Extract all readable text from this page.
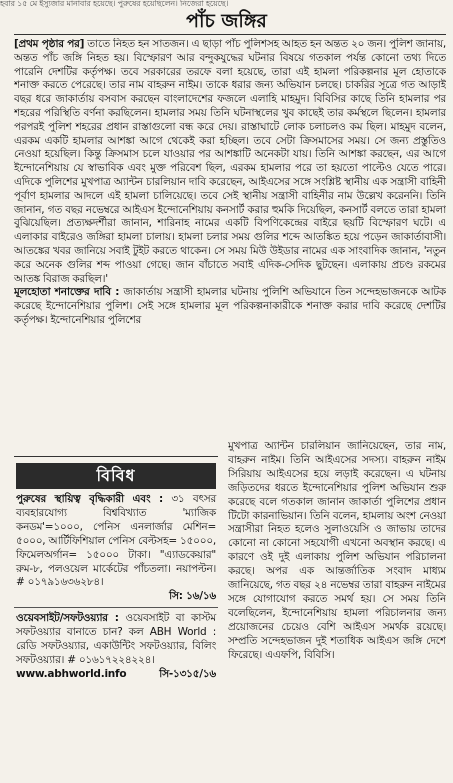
হবার ১৫ মে ইস্যুজার মানাবার হয়েছে। পুরুষের হয়েছিলেন। নিজেরা হয়েছে।
পাঁচ জঙ্গির

[প্রথম পৃষ্ঠার পর] তাতে নিহত হন সাতজন। এ ছাড়া পাঁচ পুলিশসহ আহত হন অন্তত ২০ জন। পুলিশ জানায়, অন্তত পাঁচ জঙ্গি নিহত হয়। বিস্ফোরণ আর বন্দুকযুদ্ধের ঘটনার বিষয়ে গতকাল পর্যন্ত কোনো তথ্য দিতে পারেনি দেশটির কর্তৃপক্ষ। তবে সরকারের তরফে বলা হয়েছে, তারা এই হামলা পরিকল্পনার মূল হোতাকে শনাক্ত করতে পেরেছে। তার নাম বাহরুন নাইম। তাকে ধরার জন্য অভিযান চলছে। চাকরির সূত্রে গত আড়াই বছর ধরে জাকার্তায় বসবাস করছেন বাংলাদেশের ফজলে এলাহি মাহমুদ। বিবিসির কাছে তিনি হামলার পর শহরের পরিস্থিতি বর্ণনা করছিলেন। হামলার সময় তিনি ঘটনাস্থলের খুব কাছেই তার কর্মস্থলে ছিলেন। হামলার পরপরই পুলিশ শহরের প্রধান রাস্তাগুলো বন্ধ করে দেয়। রাস্তাঘাটে লোক চলাচলও কম ছিল। মাহমুদ বলেন, এরকম একটি হামলার আশঙ্কা আগে থেকেই করা হচ্ছিল। তবে সেটা ক্রিসমাসের সময়। সে জন্য প্রস্তুতিও নেওয়া হয়েছিল। কিন্তু ক্রিসমাস চলে যাওয়ার পর আশঙ্কাটি অনেকটা যায়। তিনি আশঙ্কা করছেন, এর আগে ইন্দোনেশিয়ায় যে স্বাভাবিক এবং মুক্ত পরিবেশ ছিল, এরকম হামলার পরে তা হয়তো পাল্টেও যেতে পারে। এদিকে পুলিশের মুখপাত্র অ্যান্টন চারলিয়ান দাবি করেছেন, আইএসের সঙ্গে সংশ্লিষ্ট স্থানীয় এক সন্ত্রাসী বাহিনী পূর্বাণ হামলার আদলে এই হামলা চালিয়েছে। তবে সেই স্থানীয় সন্ত্রাসী বাহিনীর নাম উল্লেখ করেননি। তিনি জানান, গত বছর নভেম্বরে আইএস ইন্দোনেশিয়ায় কনসার্ট করার হুমকি দিয়েছিল, কনসার্ট বলতে তারা হামলা বুঝিয়েছিল। প্রত্যক্ষদর্শীরা জানান, শারিনাহ নামের একটি বিপণিকেন্দ্রের বাইরে ছয়টি বিস্ফোরণ ঘটে। এ এলাকার বাইরেও জঙ্গিরা হামলা চালায়। হামলা চলার সময় গুলির শব্দে আতঙ্কিত হয়ে পড়েন জাকার্তাবাসী। আতঙ্কের খবর জানিয়ে সবাই টুইট করতে থাকেন। সে সময় মিউ উইডার নামের এক সাংবাদিক জানান, 'নতুন করে অনেক গুলির শব্দ পাওয়া গেছে। জান বাঁচাতে সবাই এদিক-সেদিক ছুটছেন। এলাকায় প্রচণ্ড রকমের আতঙ্ক বিরাজ করছিল।'

মূলহোতা শনাক্তের দাবি : জাকার্তায় সন্ত্রাসী হামলার ঘটনায় পুলিশি অভিযানে তিন সন্দেহভাজনকে আটক করেছে ইন্দোনেশিয়ার পুলিশ। সেই সঙ্গে হামলার মূল পরিকল্পনাকারীকে শনাক্ত করার দাবি করেছে দেশটির কর্তৃপক্ষ। ইন্দোনেশিয়ার পুলিশের

মুখপাত্র অ্যান্টন চারলিয়ান জানিয়েছেন, তার নাম, বাহরুন নাইম। তিনি আইএসের সদস্য। বাহরুন নাইম সিরিয়ায় আইএসের হয়ে লড়াই করেছেন। এ ঘটনায় জড়িতদের ধরতে ইন্দোনেশিয়ার পুলিশ অভিযান শুরু করেছে বলে গতকাল জানান জাকার্তা পুলিশের প্রধান টিটো কারনাভিয়ান। তিনি বলেন, হামলায় অংশ নেওয়া সন্ত্রাসীরা নিহত হলেও সুলাওয়েসি ও জাভায় তাদের কোনো না কোনো সহযোগী এখনো অবস্থান করছে। এ কারণে ওই দুই এলাকায় পুলিশ অভিযান পরিচালনা করছে। অপর এক আন্তর্জাতিক সংবাদ মাধ্যম জানিয়েছে, গত বছর ২৪ নভেম্বর তারা বাহরুন নাইমের সঙ্গে যোগাযোগ করতে সমর্থ হয়। সে সময় তিনি বলেছিলেন, ইন্দোনেশিয়ায় হামলা পরিচালনার জন্য প্রয়োজনের চেয়েও বেশি আইএস সমর্থক রয়েছে। সম্প্রতি সন্দেহভাজন দুই শতাধিক আইএস জঙ্গি দেশে ফিরেছে। এএফপি, বিবিসি।
বিবিধ
পুরুষের স্থায়িত্ব বৃদ্ধিকারী এবং : ৩১ বৎসর ব্যবহারযোগ্য বিশ্ববিখ্যাত 'ম্যাজিক কনডম'=১০০০, পেনিস এনলার্জার মেশিন= ৫০০০, আর্টিফিশিয়াল পেনিস বেল্টসহ= ১৫০০০, ফিমেলঅর্গান= ১৫০০০ টাকা। "এ্যাডকেয়ার" রুম-৮, পলওয়েল মার্কেটের পাঁচতলা। নয়াপল্টন। # ০১৭৯১৬৩৬২৮৪।
সি: ১৬/১৬
ওয়েবসাইট/সফটওয়্যার : ওয়েবসাইট বা কাস্টম সফটওয়্যার বানাতে চান? কল ABH World : রেডি সফটওয়্যার, একাউন্টিং সফটওয়্যার, বিলিং সফটওয়্যার। # ০১৬১৭২২৪২২৪।
www.abhworld.info	সি-১৩১৫/১৬
